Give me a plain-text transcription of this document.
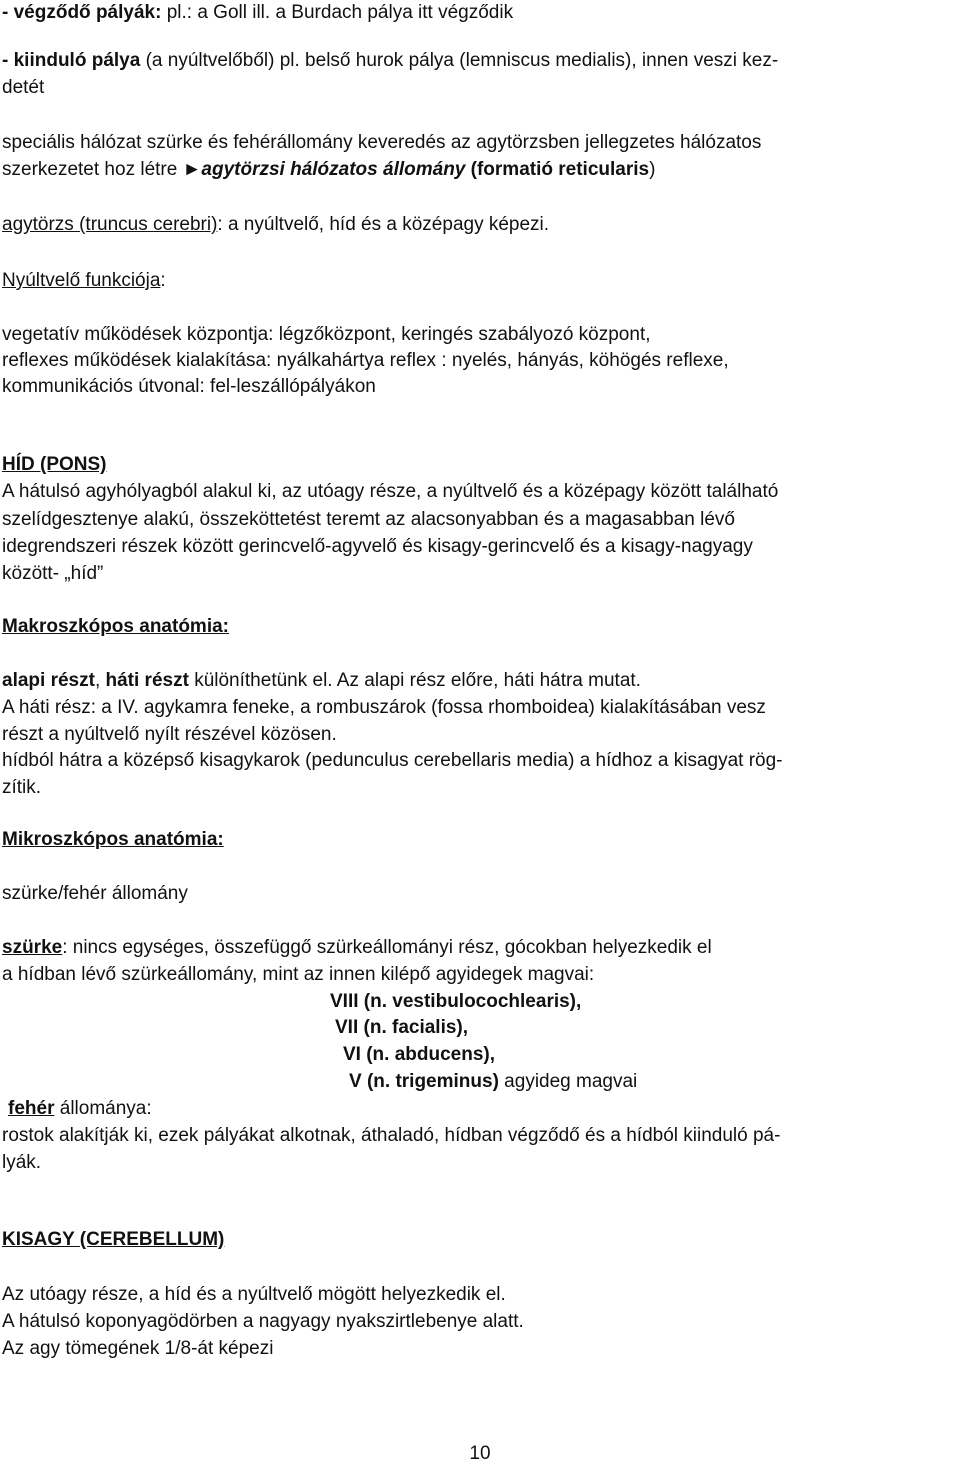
- végződő pályák: pl.: a Goll ill. a Burdach pálya itt végződik
- kiinduló pálya (a nyúltvelőből) pl. belső hurok pálya (lemniscus medialis), innen veszi kez-
detét
speciális hálózat szürke és fehérállomány keveredés az agytörzsben jellegzetes hálózatos
szerkezetet hoz létre ►agytörzsi hálózatos állomány (formatió reticularis)
agytörzs (truncus cerebri): a nyúltvelő, híd és a középagy képezi.
Nyúltvelő funkciója:
vegetatív működések központja: légzőközpont, keringés szabályozó központ,
reflexes működések kialakítása: nyálkahártya reflex : nyelés, hányás, köhögés reflexe,
kommunikációs útvonal: fel-leszállópályákon
HÍD (PONS)
A hátulsó agyhólyagból alakul ki, az utóagy része, a nyúltvelő és a középagy között található
szelídgesztenye alakú, összeköttetést teremt az alacsonyabban és a magasabban lévő
idegrendszeri részek között gerincvelő-agyvelő és kisagy-gerincvelő és a kisagy-nagyagy
között- „híd”
Makroszkópos anatómia:
alapi részt, háti részt különíthetünk el. Az alapi rész előre, háti hátra mutat.
A háti rész: a IV. agykamra feneke, a rombuszárok (fossa rhomboidea) kialakításában vesz
részt a nyúltvelő nyílt részével közösen.
hídból hátra a középső kisagykarok (pedunculus cerebellaris media) a hídhoz a kisagyat rög-
zítik.
Mikroszkópos anatómia:
szürke/fehér állomány
szürke: nincs egységes, összefüggő szürkeállományi rész, gócokban helyezkedik el
a hídban lévő szürkeállomány, mint az innen kilépő agyidegek magvai:
VIII (n. vestibulocochlearis),
VII (n. facialis),
VI (n. abducens),
V (n. trigeminus) agyideg magvai
fehér állománya:
rostok alakítják ki, ezek pályákat alkotnak, áthaladó, hídban végződő és a hídból kiinduló pá-
lyák.
KISAGY (CEREBELLUM)
Az utóagy része, a híd és a nyúltvelő mögött helyezkedik el.
A hátulsó koponyagödörben a nagyagy nyakszirtlebenye alatt.
Az agy tömegének 1/8-át képezi
10
